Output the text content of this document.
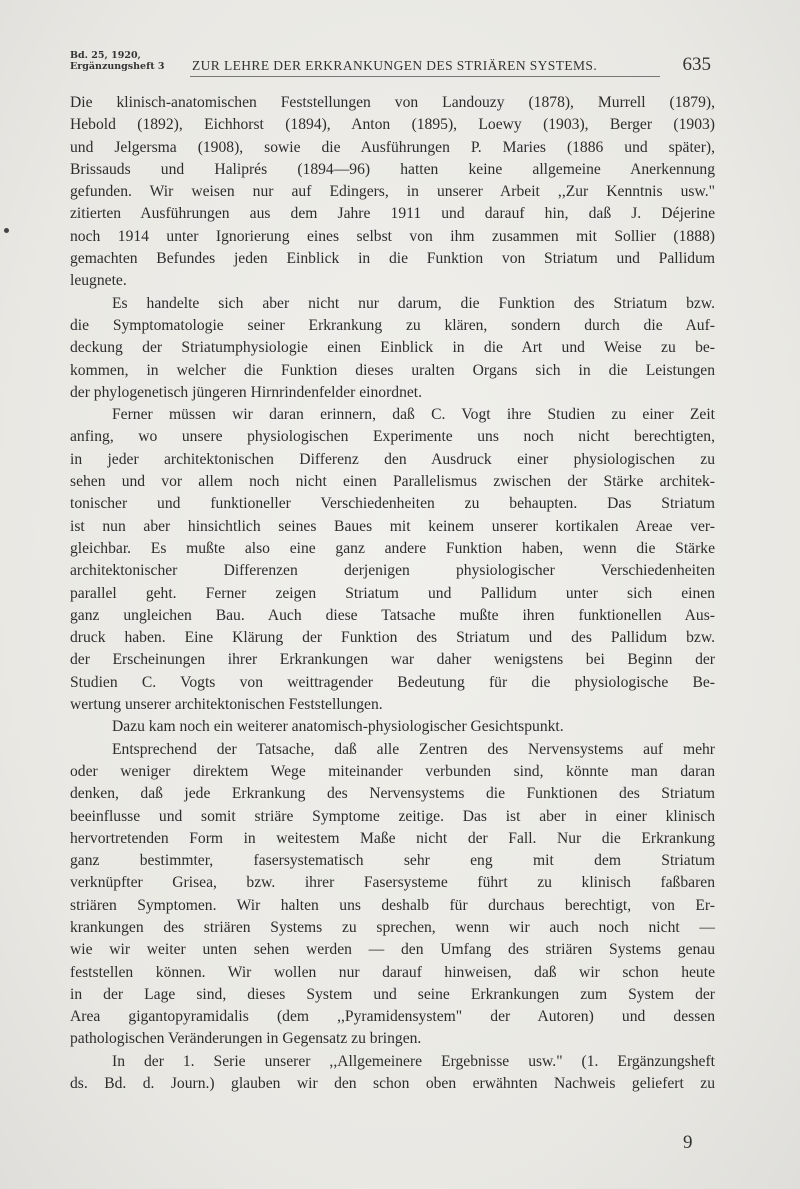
Bd. 25, 1920,
Ergänzungsheft 3	ZUR LEHRE DER ERKRANKUNGEN DES STRIÄREN SYSTEMS.	635
Die klinisch-anatomischen Feststellungen von Landouzy (1878), Murrell (1879),
Hebold (1892), Eichhorst (1894), Anton (1895), Loewy (1903), Berger (1903)
und Jelgersma (1908), sowie die Ausführungen P. Maries (1886 und später),
Brissauds und Haliprés (1894—96) hatten keine allgemeine Anerkennung
gefunden. Wir weisen nur auf Edingers, in unserer Arbeit ,,Zur Kenntnis usw."
zitierten Ausführungen aus dem Jahre 1911 und darauf hin, daß J. Déjerine
noch 1914 unter Ignorierung eines selbst von ihm zusammen mit Sollier (1888)
gemachten Befundes jeden Einblick in die Funktion von Striatum und Pallidum
leugnete.
Es handelte sich aber nicht nur darum, die Funktion des Striatum bzw.
die Symptomatologie seiner Erkrankung zu klären, sondern durch die Auf-
deckung der Striatumphysiologie einen Einblick in die Art und Weise zu be-
kommen, in welcher die Funktion dieses uralten Organs sich in die Leistungen
der phylogenetisch jüngeren Hirnrindenfelder einordnet.
Ferner müssen wir daran erinnern, daß C. Vogt ihre Studien zu einer Zeit
anfing, wo unsere physiologischen Experimente uns noch nicht berechtigten,
in jeder architektonischen Differenz den Ausdruck einer physiologischen zu
sehen und vor allem noch nicht einen Parallelismus zwischen der Stärke architek-
tonischer und funktioneller Verschiedenheiten zu behaupten. Das Striatum
ist nun aber hinsichtlich seines Baues mit keinem unserer kortikalen Areae ver-
gleichbar. Es mußte also eine ganz andere Funktion haben, wenn die Stärke
architektonischer Differenzen derjenigen physiologischer Verschiedenheiten
parallel geht. Ferner zeigen Striatum und Pallidum unter sich einen
ganz ungleichen Bau. Auch diese Tatsache mußte ihren funktionellen Aus-
druck haben. Eine Klärung der Funktion des Striatum und des Pallidum bzw.
der Erscheinungen ihrer Erkrankungen war daher wenigstens bei Beginn der
Studien C. Vogts von weittragender Bedeutung für die physiologische Be-
wertung unserer architektonischen Feststellungen.
Dazu kam noch ein weiterer anatomisch-physiologischer Gesichtspunkt.
Entsprechend der Tatsache, daß alle Zentren des Nervensystems auf mehr
oder weniger direktem Wege miteinander verbunden sind, könnte man daran
denken, daß jede Erkrankung des Nervensystems die Funktionen des Striatum
beeinflusse und somit striäre Symptome zeitige. Das ist aber in einer klinisch
hervortretenden Form in weitestem Maße nicht der Fall. Nur die Erkrankung
ganz bestimmter, fasersystematisch sehr eng mit dem Striatum
verknüpfter Grisea, bzw. ihrer Fasersysteme führt zu klinisch faßbaren
striären Symptomen. Wir halten uns deshalb für durchaus berechtigt, von Er-
krankungen des striären Systems zu sprechen, wenn wir auch noch nicht —
wie wir weiter unten sehen werden — den Umfang des striären Systems genau
feststellen können. Wir wollen nur darauf hinweisen, daß wir schon heute
in der Lage sind, dieses System und seine Erkrankungen zum System der
Area gigantopyramidalis (dem ,,Pyramidensystem" der Autoren) und dessen
pathologischen Veränderungen in Gegensatz zu bringen.
In der 1. Serie unserer ,,Allgemeinere Ergebnisse usw." (1. Ergänzungsheft
ds. Bd. d. Journ.) glauben wir den schon oben erwähnten Nachweis geliefert zu
9
